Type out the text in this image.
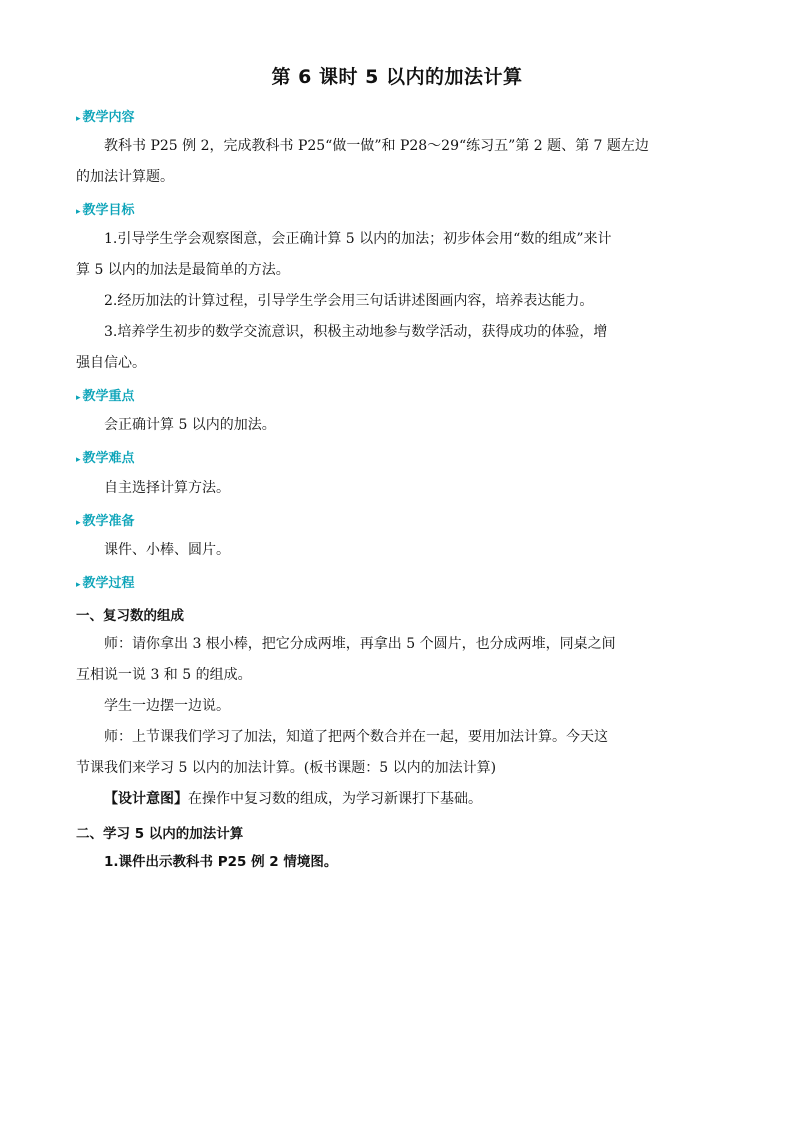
第 6 课时 5 以内的加法计算
▸ 教学内容
教科书 P25 例 2，完成教科书 P25“做一做”和 P28～29“练习五”第 2 题、第 7 题左边
的加法计算题。
▸ 教学目标
1.引导学生学会观察图意，会正确计算 5 以内的加法；初步体会用“数的组成”来计
算 5 以内的加法是最简单的方法。
2.经历加法的计算过程，引导学生学会用三句话讲述图画内容，培养表达能力。
3.培养学生初步的数学交流意识，积极主动地参与数学活动，获得成功的体验，增
强自信心。
▸ 教学重点
会正确计算 5 以内的加法。
▸ 教学难点
自主选择计算方法。
▸ 教学准备
课件、小棒、圆片。
▸ 教学过程
一、复习数的组成
师：请你拿出 3 根小棒，把它分成两堆，再拿出 5 个圆片，也分成两堆，同桌之间
互相说一说 3 和 5 的组成。
学生一边摆一边说。
师：上节课我们学习了加法，知道了把两个数合并在一起，要用加法计算。今天这
节课我们来学习 5 以内的加法计算。(板书课题：5 以内的加法计算)
【设计意图】在操作中复习数的组成，为学习新课打下基础。
二、学习 5 以内的加法计算
1.课件出示教科书 P25 例 2 情境图。
